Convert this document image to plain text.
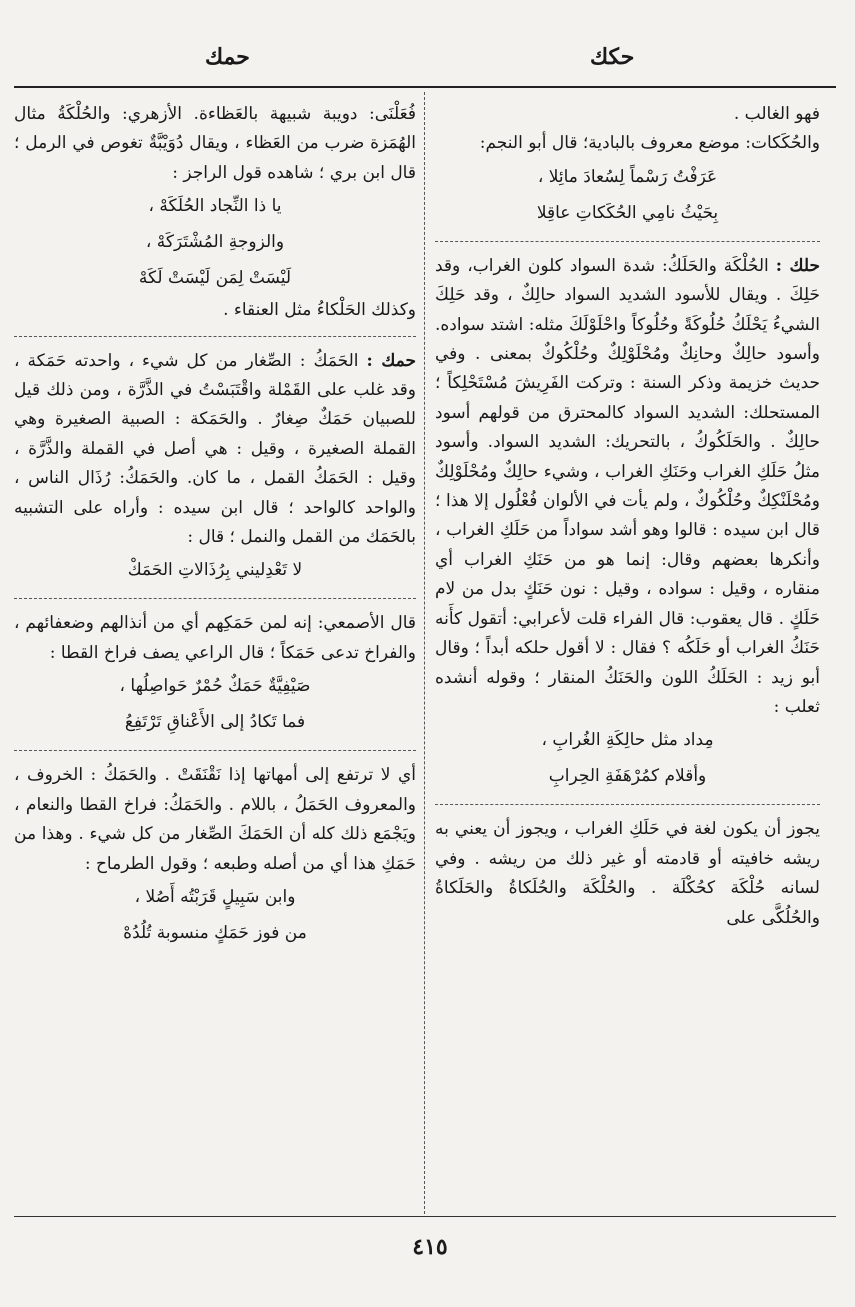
حكك
حمك

فهو الغالب .

والحُكَكات: موضع معروف بالبادية؛ قال أبو النجم:

عَرَفْتُ رَسْماً لِسُعادَ مائِلا ،

بِحَيْثُ نامِي الحُكَكاتِ عاقِلا

حلك : الحُلْكَة والحَلَكُ: شدة السواد كلون الغراب، وقد حَلِكَ . ويقال للأسود الشديد السواد حالِكٌ ، وقد حَلِكَ الشيءُ يَحْلَكُ حُلُوكَةً وحُلُوكاً واحْلَوْلَكَ مثله: اشتد سواده. وأسود حالِكٌ وحانِكٌ ومُحْلَوْلِكٌ وحُلْكُوكٌ بمعنى . وفي حديث خزيمة وذكر السنة : وتركت الفَرِيشَ مُسْتَحْلِكاً ؛ المستحلك: الشديد السواد كالمحترق من قولهم أسود حالِكٌ . والحَلَكُوكُ ، بالتحريك: الشديد السواد. وأسود مثلُ حَلَكِ الغراب وحَنَكِ الغراب ، وشيء حالِكٌ ومُحْلَوْلِكٌ ومُحْلَنْكِكٌ وحُلْكُوكٌ ، ولم يأت في الألوان فُعْلُول إلا هذا ؛ قال ابن سيده : قالوا وهو أشد سواداً من حَلَكِ الغراب ، وأنكرها بعضهم وقال: إنما هو من حَنَكِ الغراب أي منقاره ، وقيل : سواده ، وقيل : نون حَنَكٍ بدل من لام حَلَكٍ . قال يعقوب: قال الفراء قلت لأعرابي: أتقول كأَنه حَنَكُ الغراب أو حَلَكُه ؟ فقال : لا أقول حلكه أبداً ؛ وقال أبو زيد : الحَلَكُ اللون والحَنَكُ المنقار ؛ وقوله أنشده ثعلب :

مِداد مثل حالِكَةِ الغُرابِ ،

وأقلام كمُرْهَفَةِ الحِرابِ

يجوز أن يكون لغة في حَلَكِ الغراب ، ويجوز أن يعني به ريشه خافيته أو قادمته أو غير ذلك من ريشه . وفي لسانه حُلْكَة كحُكْلَة . والحُلْكَة والحُلَكاةُ والحَلَكاةُ والحُلُكَّى على

فُعَلْنَى: دويبة شبيهة بالعَظاءة. الأزهري: والحُلْكَةُ مثال الهُمَزة ضرب من العَظاء ، ويقال دُوَيْبَّةٌ تغوص في الرمل ؛ قال ابن بري ؛ شاهده قول الراجز :

يا ذا النِّجاد الحُلَكَهْ ،

والزوجةِ المُشْتَرَكَهْ ،

لَيْسَتْ لِمَن لَيْسَتْ لَكَهْ

وكذلك الحَلْكاءُ مثل العنقاء .

حمك : الحَمَكُ : الصِّغار من كل شيء ، واحدته حَمَكة ، وقد غلب على القَمْلة واقْتَبَسْتُ في الذَّرَّة ، ومن ذلك قيل للصبيان حَمَكٌ صِغارٌ . والحَمَكة : الصبية الصغيرة وهي القملة الصغيرة ، وقيل : هي أصل في القملة والذَّرَّة ، وقيل : الحَمَكُ القمل ، ما كان. والحَمَكُ: رُذَال الناس ، والواحد كالواحد ؛ قال ابن سيده : وأراه على التشبيه بالحَمَك من القمل والنمل ؛ قال :

لا تَعْدِليني بِرُذَالاتِ الحَمَكْ

قال الأصمعي: إنه لمن حَمَكِهم أي من أنذالهم وضعفائهم ، والفراخ تدعى حَمَكاً ؛ قال الراعي يصف فراخ القطا :

صَيْفِيَّةٌ حَمَكٌ حُمْرٌ حَواصِلُها ،

فما تَكادُ إلى الأَعْناقِ تَرْتَفِعُ

أي لا ترتفع إلى أمهاتها إذا نَقْنَقَتْ . والحَمَكُ : الخروف ، والمعروف الحَمَلُ ، باللام . والحَمَكُ: فراخ القطا والنعام ، ويَجْمَع ذلك كله أن الحَمَكَ الصِّغار من كل شيء . وهذا من حَمَكِ هذا أي من أصله وطبعه ؛ وقول الطرماح :

وابن سَبِيلٍ قَرَبْتُه أَصُلا ،

من فوز حَمَكٍ منسوبة تُلُدُهْ

٤١٥
